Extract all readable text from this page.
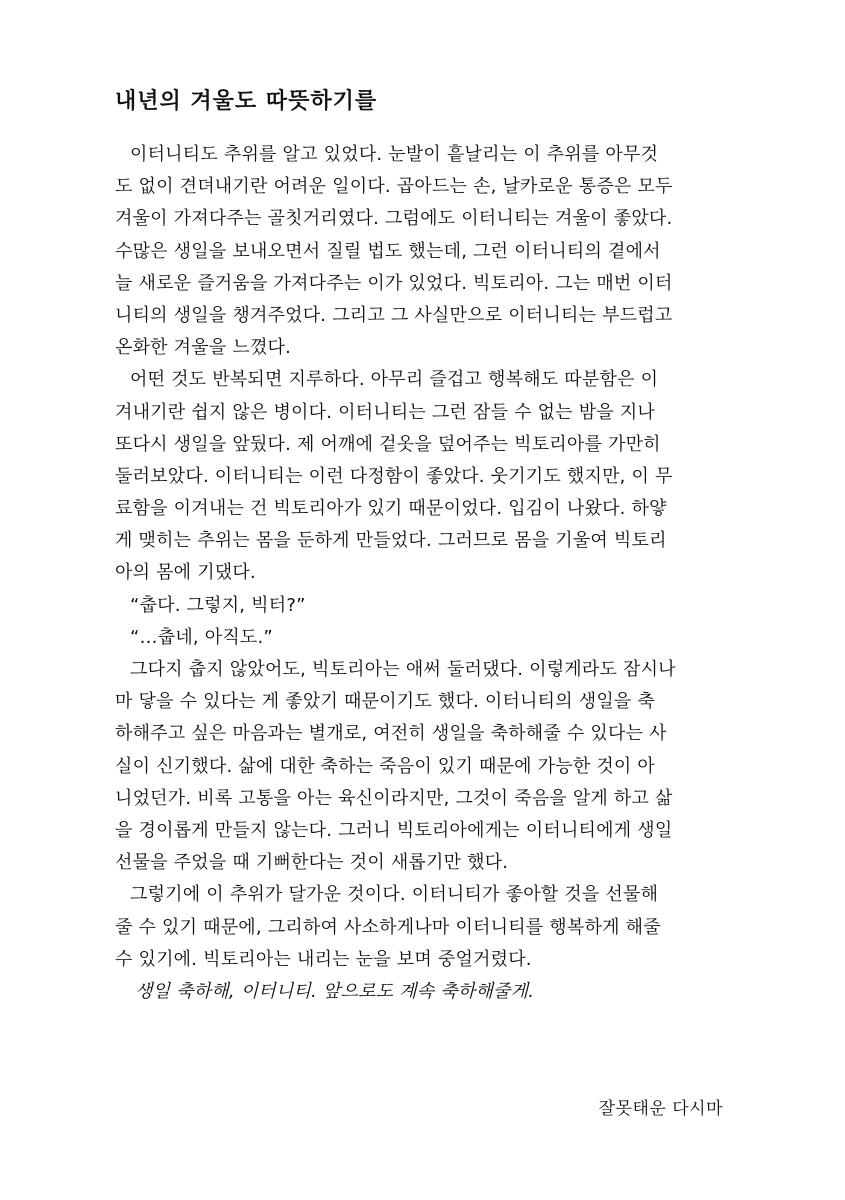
내년의 겨울도 따뜻하기를
이터니티도 추위를 알고 있었다. 눈발이 흩날리는 이 추위를 아무것
도 없이 견뎌내기란 어려운 일이다. 곱아드는 손, 날카로운 통증은 모두
겨울이 가져다주는 골칫거리였다. 그럼에도 이터니티는 겨울이 좋았다.
수많은 생일을 보내오면서 질릴 법도 했는데, 그런 이터니티의 곁에서
늘 새로운 즐거움을 가져다주는 이가 있었다. 빅토리아. 그는 매번 이터
니티의 생일을 챙겨주었다. 그리고 그 사실만으로 이터니티는 부드럽고
온화한 겨울을 느꼈다.
어떤 것도 반복되면 지루하다. 아무리 즐겁고 행복해도 따분함은 이
겨내기란 쉽지 않은 병이다. 이터니티는 그런 잠들 수 없는 밤을 지나
또다시 생일을 앞뒀다. 제 어깨에 겉옷을 덮어주는 빅토리아를 가만히
둘러보았다. 이터니티는 이런 다정함이 좋았다. 웃기기도 했지만, 이 무
료함을 이겨내는 건 빅토리아가 있기 때문이었다. 입김이 나왔다. 하얗
게 맺히는 추위는 몸을 둔하게 만들었다. 그러므로 몸을 기울여 빅토리
아의 몸에 기댔다.
“춥다. 그렇지, 빅터?”
“…춥네, 아직도.”
그다지 춥지 않았어도, 빅토리아는 애써 둘러댔다. 이렇게라도 잠시나
마 닿을 수 있다는 게 좋았기 때문이기도 했다. 이터니티의 생일을 축
하해주고 싶은 마음과는 별개로, 여전히 생일을 축하해줄 수 있다는 사
실이 신기했다. 삶에 대한 축하는 죽음이 있기 때문에 가능한 것이 아
니었던가. 비록 고통을 아는 육신이라지만, 그것이 죽음을 알게 하고 삶
을 경이롭게 만들지 않는다. 그러니 빅토리아에게는 이터니티에게 생일
선물을 주었을 때 기뻐한다는 것이 새롭기만 했다.
그렇기에 이 추위가 달가운 것이다. 이터니티가 좋아할 것을 선물해
줄 수 있기 때문에, 그리하여 사소하게나마 이터니티를 행복하게 해줄
수 있기에. 빅토리아는 내리는 눈을 보며 중얼거렸다.
생일 축하해, 이터니티. 앞으로도 계속 축하해줄게.
잘못태운 다시마
